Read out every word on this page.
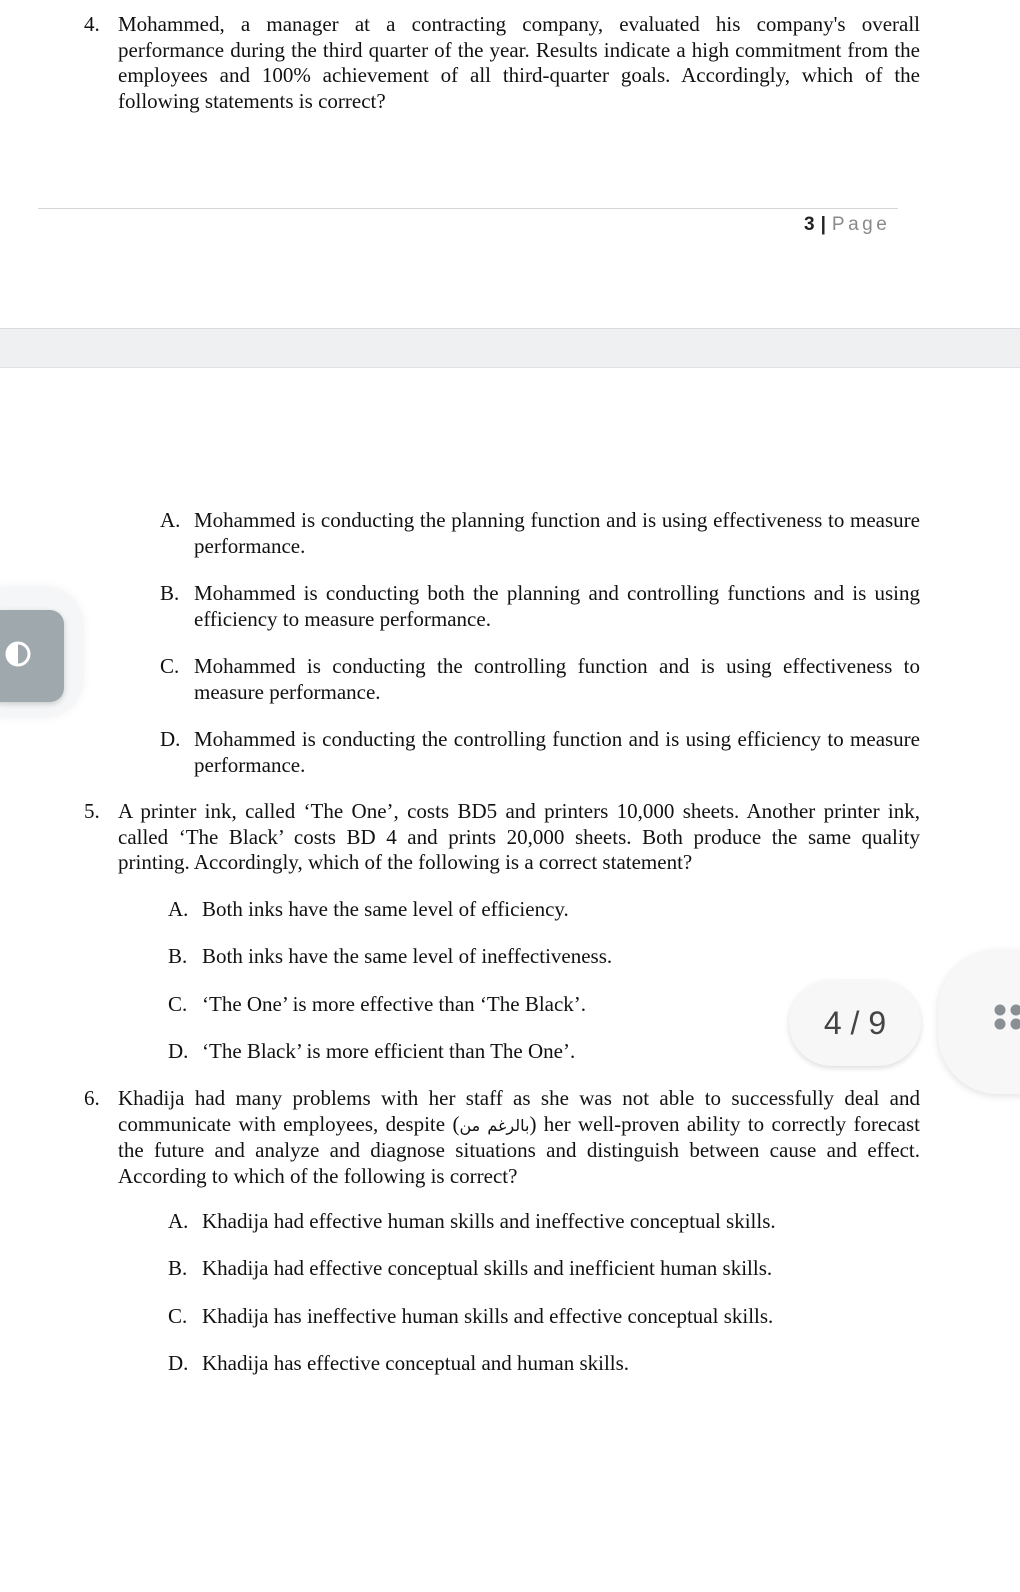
4. Mohammed, a manager at a contracting company, evaluated his company's overall performance during the third quarter of the year. Results indicate a high commitment from the employees and 100% achievement of all third-quarter goals. Accordingly, which of the following statements is correct?
3 | Page
A. Mohammed is conducting the planning function and is using effectiveness to measure performance.
B. Mohammed is conducting both the planning and controlling functions and is using efficiency to measure performance.
C. Mohammed is conducting the controlling function and is using effectiveness to measure performance.
D. Mohammed is conducting the controlling function and is using efficiency to measure performance.
5. A printer ink, called ‘The One’, costs BD5 and printers 10,000 sheets. Another printer ink, called ‘The Black’ costs BD 4 and prints 20,000 sheets. Both produce the same quality printing. Accordingly, which of the following is a correct statement?
A. Both inks have the same level of efficiency.
B. Both inks have the same level of ineffectiveness.
C. ‘The One’ is more effective than ‘The Black’.
D. ‘The Black’ is more efficient than The One’.
6. Khadija had many problems with her staff as she was not able to successfully deal and communicate with employees, despite (بالرغم من) her well-proven ability to correctly forecast the future and analyze and diagnose situations and distinguish between cause and effect. According to which of the following is correct?
A. Khadija had effective human skills and ineffective conceptual skills.
B. Khadija had effective conceptual skills and inefficient human skills.
C. Khadija has ineffective human skills and effective conceptual skills.
D. Khadija has effective conceptual and human skills.
4 / 9
